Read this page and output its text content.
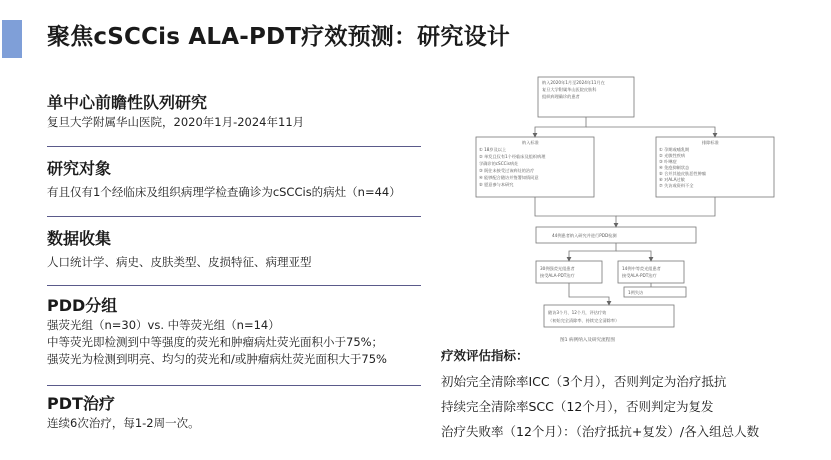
聚焦cSCCis ALA-PDT疗效预测：研究设计

单中心前瞻性队列研究

复旦大学附属华山医院，2020年1月-2024年11月

研究对象

有且仅有1个经临床及组织病理学检查确诊为cSCCis的病灶（n=44）

数据收集

人口统计学、病史、皮肤类型、皮损特征、病理亚型

PDD分组

强荧光组（n=30）vs. 中等荧光组（n=14）

中等荧光即检测到中等强度的荧光和肿瘤病灶荧光面积小于75%；

强荧光为检测到明亮、均匀的荧光和/或肿瘤病灶荧光面积大于75%

PDT治疗

连续6次治疗，每1-2周一次。

纳入2020年1月至2024年11月在
复旦大学附属华山医院皮肤科
组织病理确诊的患者
纳入标准
① 18岁及以上
② 单发且仅有1个经临床及组织病理
学确诊的cSCCis病灶
③ 既往未接受过该病灶的治疗
④ 能够配合随访并签署知情同意
⑤ 愿意参与本研究
排除标准
① 孕期或哺乳期
② 光敏性疾病
③ 卟啉症
④ 免疫抑制状态
⑤ 合并其他皮肤恶性肿瘤
⑥ 对ALA过敏
⑦ 失访或资料不全
44例患者纳入研究并进行PDD检测
30例强荧光组患者
接受ALA-PDT治疗
14例中等荧光组患者
接受ALA-PDT治疗
1例失访
随访3个月、12个月，评估疗效
（初始完全清除率、持续完全清除率）
图1 病例纳入及研究流程图

疗效评估指标：

初始完全清除率ICC（3个月），否则判定为治疗抵抗

持续完全清除率SCC（12个月），否则判定为复发

治疗失败率（12个月）：（治疗抵抗+复发）/各入组总人数
